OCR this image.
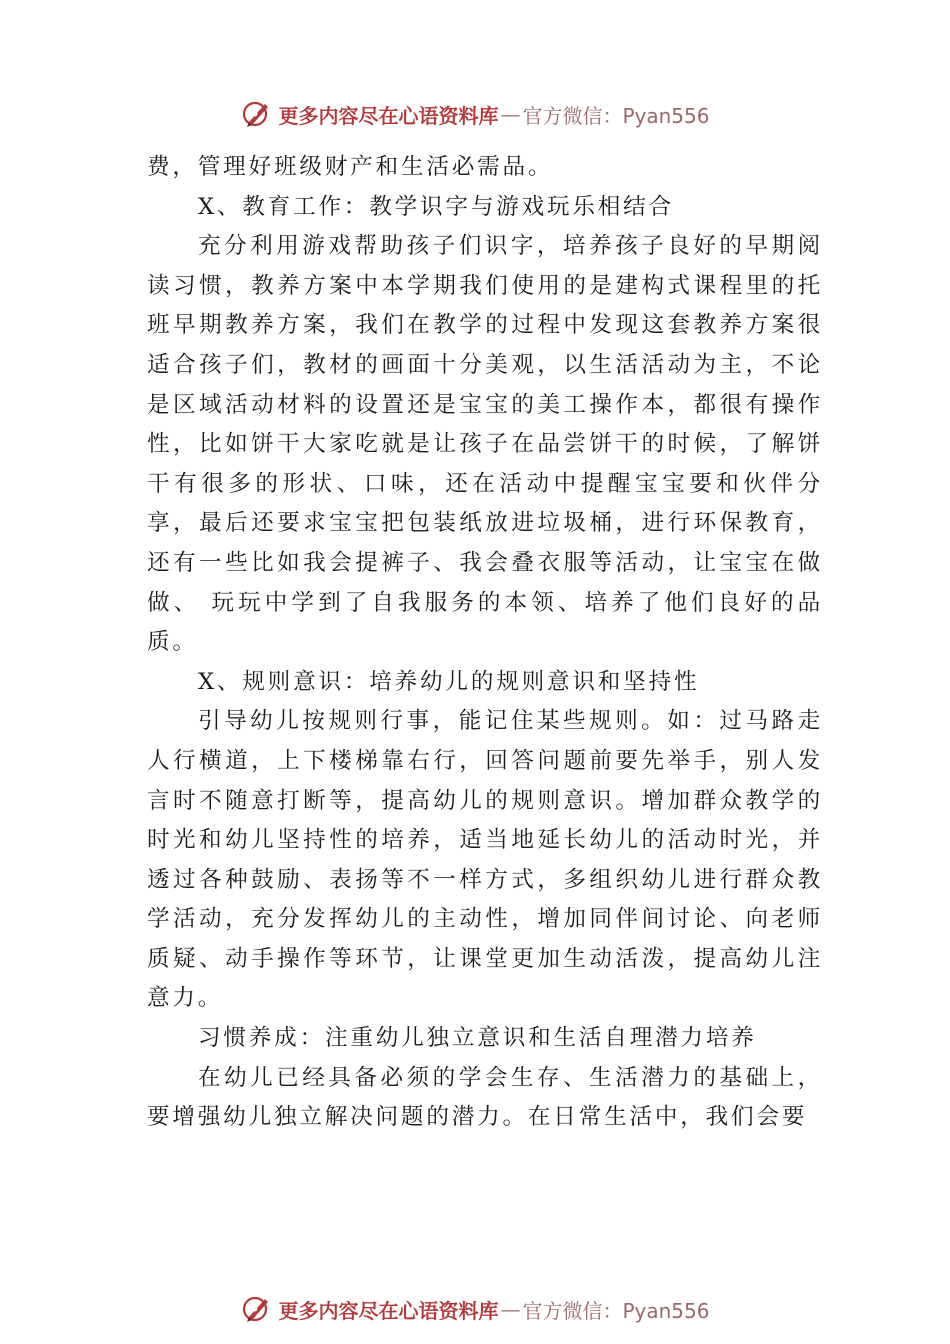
更多内容尽在心语资料库 — 官方微信：Pyan556

费，管理好班级财产和生活必需品。

X、教育工作：教学识字与游戏玩乐相结合

充分利用游戏帮助孩子们识字，培养孩子良好的早期阅读习惯，教养方案中本学期我们使用的是建构式课程里的托班早期教养方案，我们在教学的过程中发现这套教养方案很适合孩子们，教材的画面十分美观，以生活活动为主，不论是区域活动材料的设置还是宝宝的美工操作本，都很有操作性，比如饼干大家吃就是让孩子在品尝饼干的时候，了解饼干有很多的形状、口味，还在活动中提醒宝宝要和伙伴分享，最后还要求宝宝把包装纸放进垃圾桶，进行环保教育，还有一些比如我会提裤子、我会叠衣服等活动，让宝宝在做做、 玩玩中学到了自我服务的本领、培养了他们良好的品质。

X、规则意识：培养幼儿的规则意识和坚持性

引导幼儿按规则行事，能记住某些规则。如：过马路走人行横道，上下楼梯靠右行，回答问题前要先举手，别人发言时不随意打断等，提高幼儿的规则意识。增加群众教学的时光和幼儿坚持性的培养，适当地延长幼儿的活动时光，并透过各种鼓励、表扬等不一样方式，多组织幼儿进行群众教学活动，充分发挥幼儿的主动性，增加同伴间讨论、向老师质疑、动手操作等环节，让课堂更加生动活泼，提高幼儿注意力。

习惯养成：注重幼儿独立意识和生活自理潜力培养

在幼儿已经具备必须的学会生存、生活潜力的基础上，要增强幼儿独立解决问题的潜力。在日常生活中，我们会要

更多内容尽在心语资料库 — 官方微信：Pyan556
